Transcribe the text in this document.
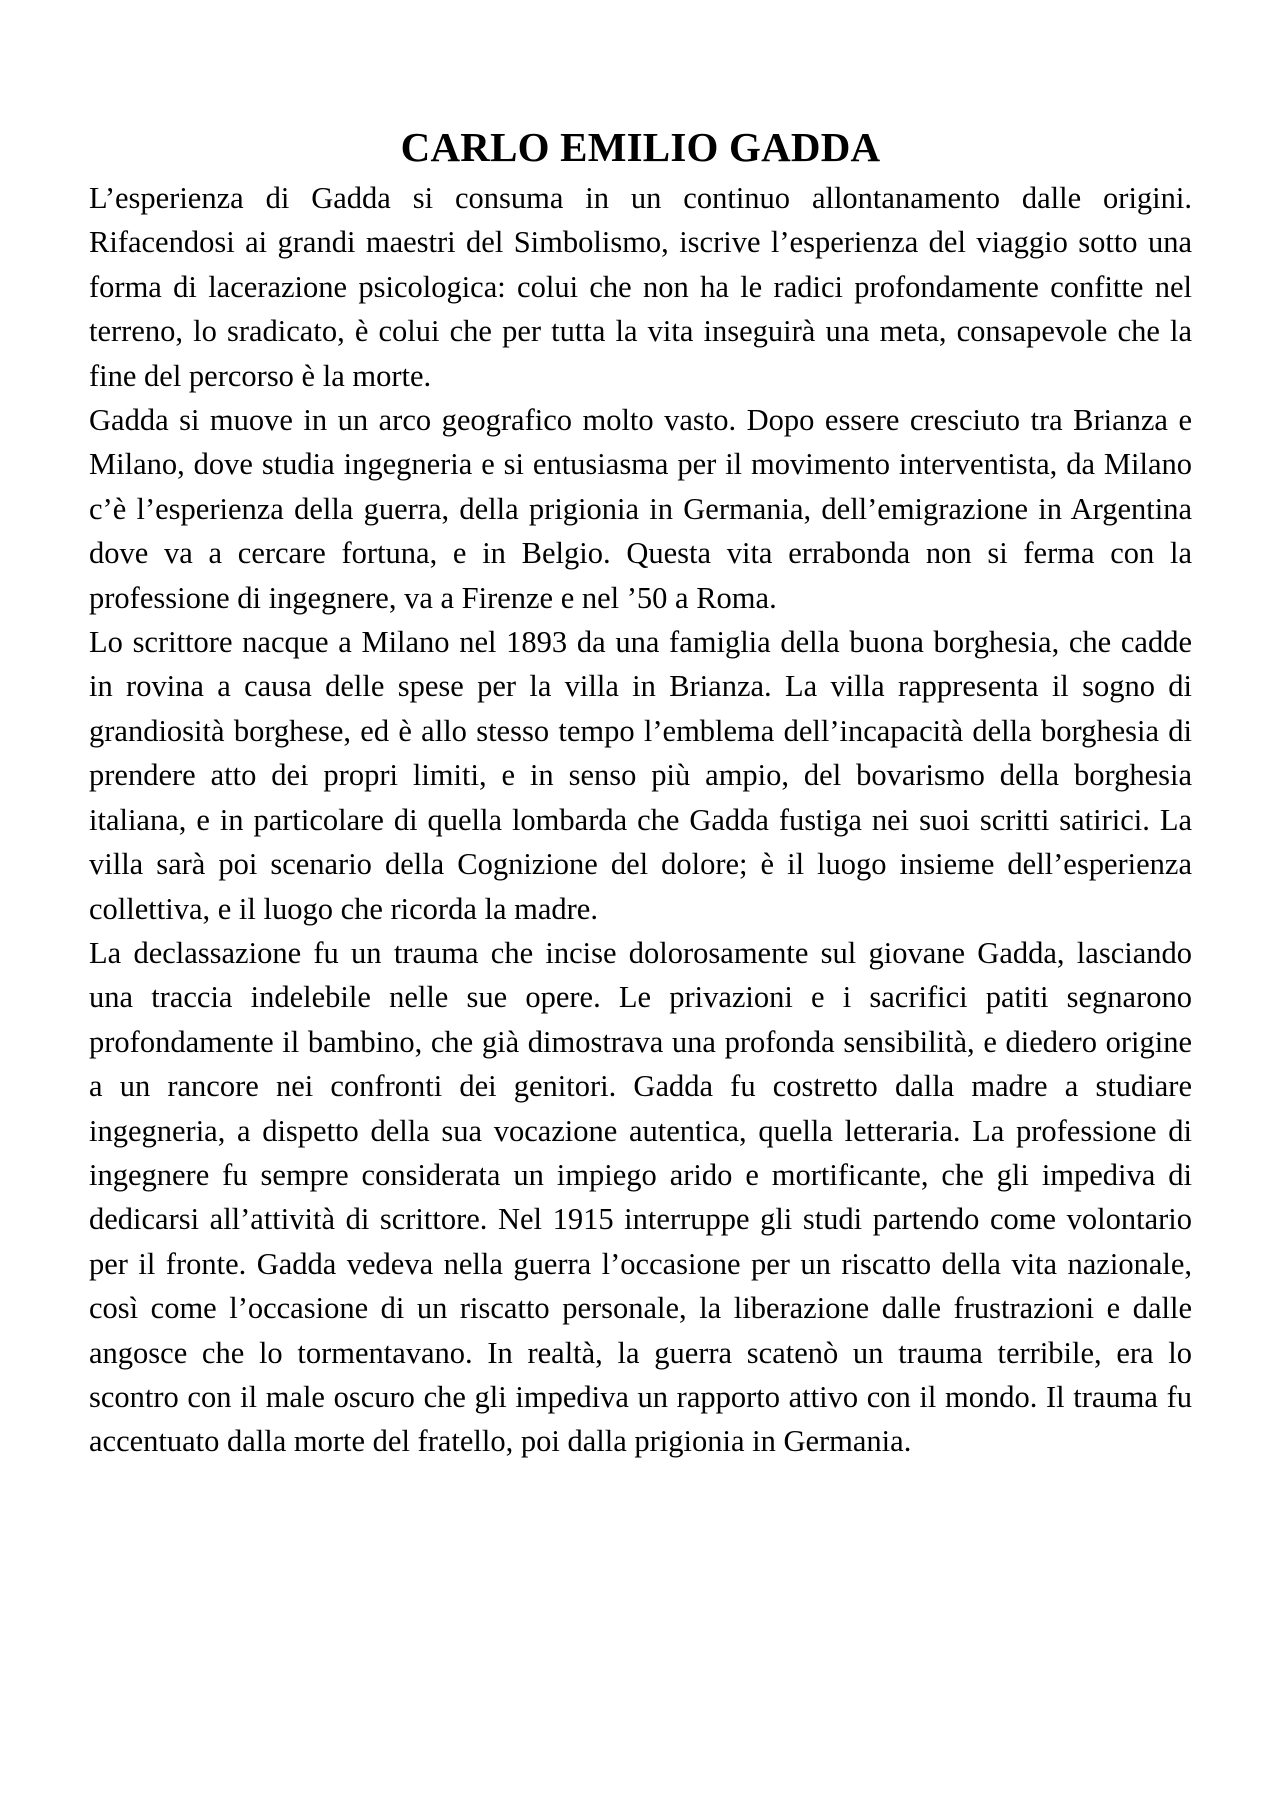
CARLO EMILIO GADDA

L’esperienza di Gadda si consuma in un continuo allontanamento dalle origini. Rifacendosi ai grandi maestri del Simbolismo, iscrive l’esperienza del viaggio sotto una forma di lacerazione psicologica: colui che non ha le radici profondamente confitte nel terreno, lo sradicato, è colui che per tutta la vita inseguirà una meta, consapevole che la fine del percorso è la morte.

Gadda si muove in un arco geografico molto vasto. Dopo essere cresciuto tra Brianza e Milano, dove studia ingegneria e si entusiasma per il movimento interventista, da Milano c’è l’esperienza della guerra, della prigionia in Germania, dell’emigrazione in Argentina dove va a cercare fortuna, e in Belgio. Questa vita errabonda non si ferma con la professione di ingegnere, va a Firenze e nel ’50 a Roma.

Lo scrittore nacque a Milano nel 1893 da una famiglia della buona borghesia, che cadde in rovina a causa delle spese per la villa in Brianza. La villa rappresenta il sogno di grandiosità borghese, ed è allo stesso tempo l’emblema dell’incapacità della borghesia di prendere atto dei propri limiti, e in senso più ampio, del bovarismo della borghesia italiana, e in particolare di quella lombarda che Gadda fustiga nei suoi scritti satirici. La villa sarà poi scenario della Cognizione del dolore; è il luogo insieme dell’esperienza collettiva, e il luogo che ricorda la madre.

La declassazione fu un trauma che incise dolorosamente sul giovane Gadda, lasciando una traccia indelebile nelle sue opere. Le privazioni e i sacrifici patiti segnarono profondamente il bambino, che già dimostrava una profonda sensibilità, e diedero origine a un rancore nei confronti dei genitori. Gadda fu costretto dalla madre a studiare ingegneria, a dispetto della sua vocazione autentica, quella letteraria. La professione di ingegnere fu sempre considerata un impiego arido e mortificante, che gli impediva di dedicarsi all’attività di scrittore. Nel 1915 interruppe gli studi partendo come volontario per il fronte. Gadda vedeva nella guerra l’occasione per un riscatto della vita nazionale, così come l’occasione di un riscatto personale, la liberazione dalle frustrazioni e dalle angosce che lo tormentavano. In realtà, la guerra scatenò un trauma terribile, era lo scontro con il male oscuro che gli impediva un rapporto attivo con il mondo. Il trauma fu accentuato dalla morte del fratello, poi dalla prigionia in Germania.
